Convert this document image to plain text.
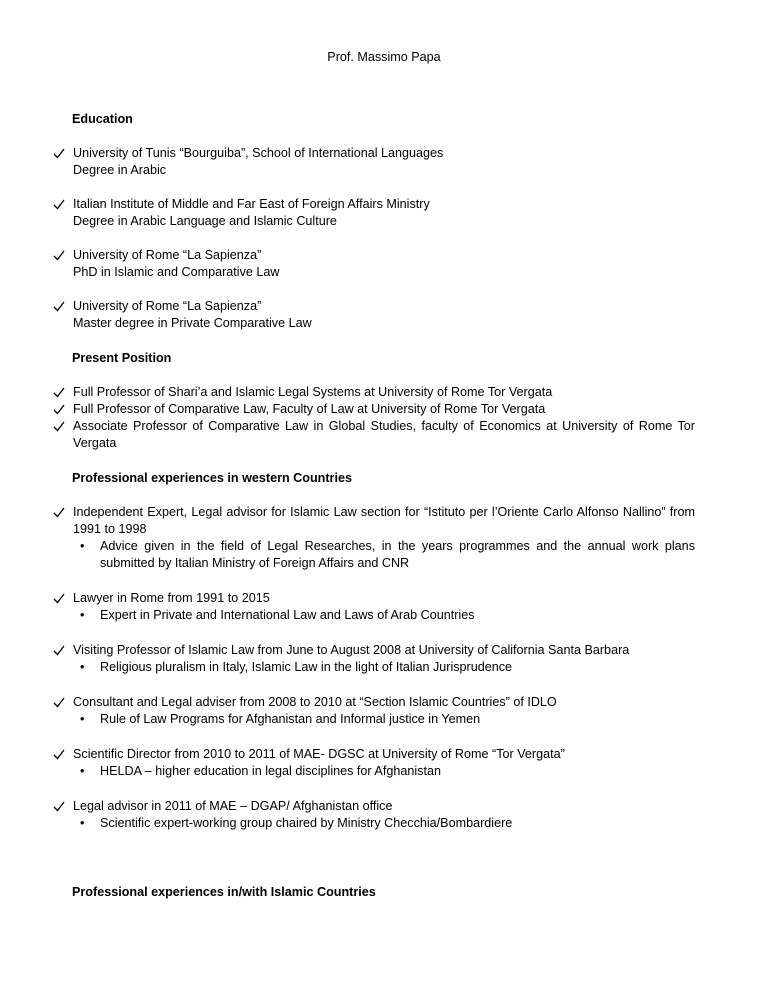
Prof. Massimo Papa
Education
University of Tunis “Bourguiba”, School of International Languages
Degree in Arabic
Italian Institute of Middle and Far East of Foreign Affairs Ministry
Degree in Arabic Language and Islamic Culture
University of Rome “La Sapienza”
PhD in Islamic and Comparative Law
University of Rome “La Sapienza”
Master degree in Private Comparative Law
Present Position
Full Professor of Shari’a and Islamic Legal Systems at University of Rome Tor Vergata
Full Professor of Comparative Law, Faculty of Law at University of Rome Tor Vergata
Associate Professor of Comparative Law in Global Studies, faculty of Economics at University of Rome Tor Vergata
Professional experiences in western Countries
Independent Expert, Legal advisor for Islamic Law section for “Istituto per l’Oriente Carlo Alfonso Nallino” from 1991 to 1998
• Advice given in the field of Legal Researches, in the years programmes and the annual work plans submitted by Italian Ministry of Foreign Affairs and CNR
Lawyer in Rome from 1991 to 2015
• Expert in Private and International Law and Laws of Arab Countries
Visiting Professor of Islamic Law from June to August 2008 at University of California Santa Barbara
• Religious pluralism in Italy, Islamic Law in the light of Italian Jurisprudence
Consultant and Legal adviser from 2008 to 2010 at “Section Islamic Countries” of IDLO
• Rule of Law Programs for Afghanistan and Informal justice in Yemen
Scientific Director from 2010 to 2011 of MAE- DGSC at University of Rome “Tor Vergata”
• HELDA – higher education in legal disciplines for Afghanistan
Legal advisor in 2011 of MAE – DGAP/ Afghanistan office
• Scientific expert-working group chaired by Ministry Checchia/Bombardiere
Professional experiences in/with Islamic Countries
